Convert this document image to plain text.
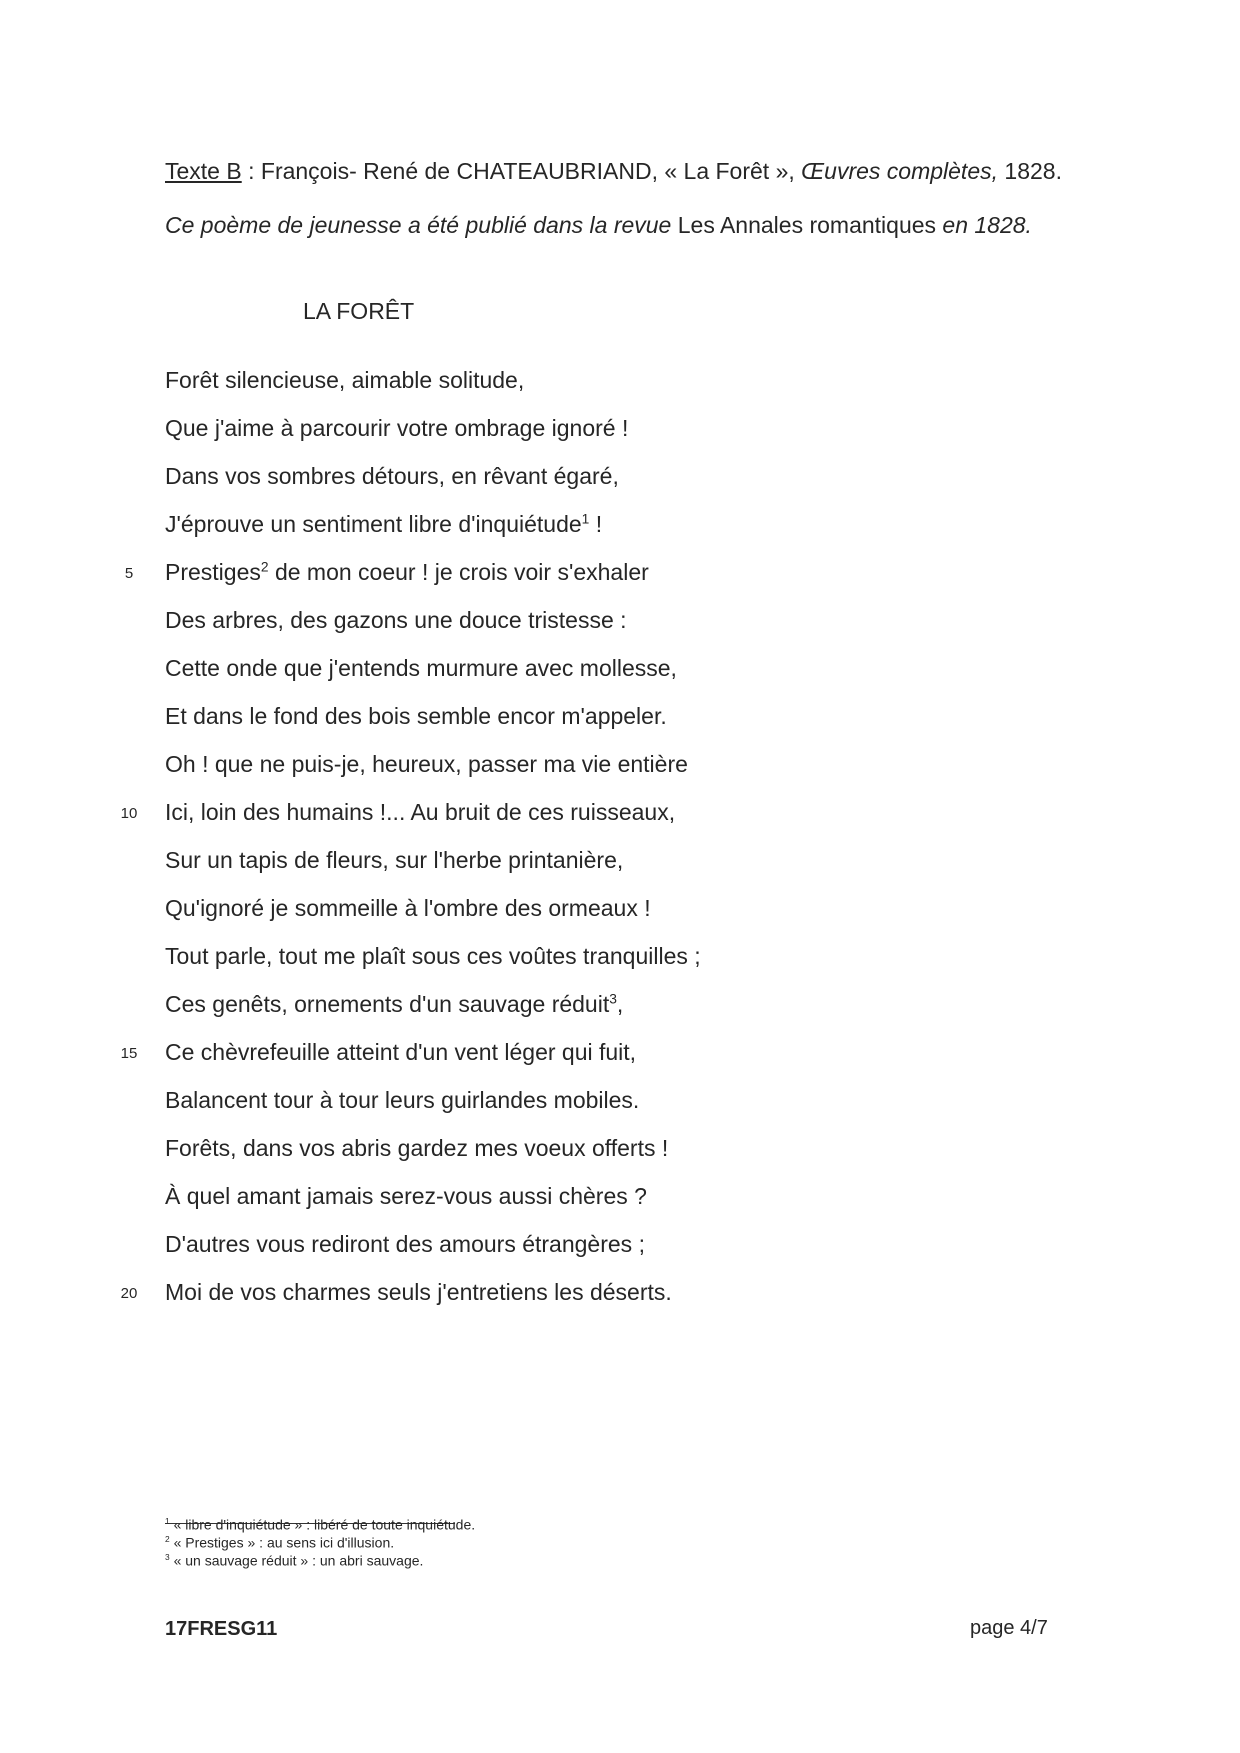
Texte B : François- René de CHATEAUBRIAND, « La Forêt », Œuvres complètes, 1828.
Ce poème de jeunesse a été publié dans la revue Les Annales romantiques en 1828.
LA FORÊT
Forêt silencieuse, aimable solitude,
Que j'aime à parcourir votre ombrage ignoré !
Dans vos sombres détours, en rêvant égaré,
J'éprouve un sentiment libre d'inquiétude$^1$ !
Prestiges$^2$ de mon coeur ! je crois voir s'exhaler
5
Des arbres, des gazons une douce tristesse :
Cette onde que j'entends murmure avec mollesse,
Et dans le fond des bois semble encor m'appeler.
Oh ! que ne puis-je, heureux, passer ma vie entière
Ici, loin des humains !... Au bruit de ces ruisseaux,
10
Sur un tapis de fleurs, sur l'herbe printanière,
Qu'ignoré je sommeille à l'ombre des ormeaux !
Tout parle, tout me plaît sous ces voûtes tranquilles ;
Ces genêts, ornements d'un sauvage réduit$^3$,
Ce chèvrefeuille atteint d'un vent léger qui fuit,
15
Balancent tour à tour leurs guirlandes mobiles.
Forêts, dans vos abris gardez mes voeux offerts !
À quel amant jamais serez-vous aussi chères ?
D'autres vous rediront des amours étrangères ;
Moi de vos charmes seuls j'entretiens les déserts.
20
$^1$ « libre d'inquiétude » : libéré de toute inquiétude.
$^2$ « Prestiges » : au sens ici d'illusion.
$^3$ « un sauvage réduit » : un abri sauvage.
17FRESG11	page 4/7
